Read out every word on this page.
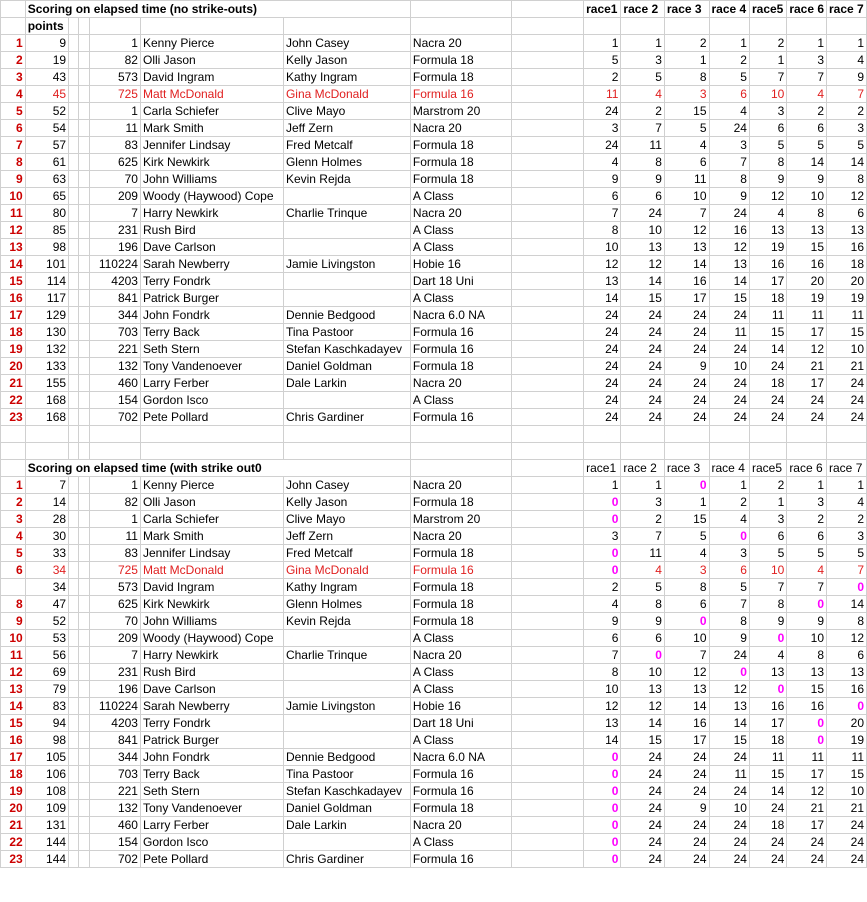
	Scoring on elapsed time (no strike-outs)								race1	race 2	race 3	race 4	race5	race 6	race 7
	points														
1	9			1	Kenny Pierce	John Casey	Nacra 20		1	1	2	1	2	1	1
2	19			82	Olli Jason	Kelly Jason	Formula 18		5	3	1	2	1	3	4
3	43			573	David Ingram	Kathy Ingram	Formula 18		2	5	8	5	7	7	9
4	45			725	Matt McDonald	Gina McDonald	Formula 16		11	4	3	6	10	4	7
5	52			1	Carla Schiefer	Clive Mayo	Marstrom 20		24	2	15	4	3	2	2
6	54			11	Mark Smith	Jeff Zern	Nacra 20		3	7	5	24	6	6	3
7	57			83	Jennifer Lindsay	Fred Metcalf	Formula 18		24	11	4	3	5	5	5
8	61			625	Kirk Newkirk	Glenn Holmes	Formula 18		4	8	6	7	8	14	14
9	63			70	John Williams	Kevin Rejda	Formula 18		9	9	11	8	9	9	8
10	65			209	Woody (Haywood) Cope		A Class		6	6	10	9	12	10	12
11	80			7	Harry Newkirk	Charlie Trinque	Nacra 20		7	24	7	24	4	8	6
12	85			231	Rush Bird		A Class		8	10	12	16	13	13	13
13	98			196	Dave Carlson		A Class		10	13	13	12	19	15	16
14	101			110224	Sarah Newberry	Jamie Livingston	Hobie 16		12	12	14	13	16	16	18
15	114			4203	Terry Fondrk		Dart 18 Uni		13	14	16	14	17	20	20
16	117			841	Patrick Burger		A Class		14	15	17	15	18	19	19
17	129			344	John Fondrk	Dennie Bedgood	Nacra 6.0 NA		24	24	24	24	11	11	11
18	130			703	Terry Back	Tina Pastoor	Formula 16		24	24	24	11	15	17	15
19	132			221	Seth Stern	Stefan Kaschkadayev	Formula 16		24	24	24	24	14	12	10
20	133			132	Tony Vandenoever	Daniel Goldman	Formula 18		24	24	9	10	24	21	21
21	155			460	Larry Ferber	Dale Larkin	Nacra 20		24	24	24	24	18	17	24
22	168			154	Gordon Isco		A Class		24	24	24	24	24	24	24
23	168			702	Pete Pollard	Chris Gardiner	Formula 16		24	24	24	24	24	24	24

	Scoring on elapsed time (with strike out0								race1	race 2	race 3	race 4	race5	race 6	race 7
1	7			1	Kenny Pierce	John Casey	Nacra 20		1	1	0	1	2	1	1
2	14			82	Olli Jason	Kelly Jason	Formula 18		0	3	1	2	1	3	4
3	28			1	Carla Schiefer	Clive Mayo	Marstrom 20		0	2	15	4	3	2	2
4	30			11	Mark Smith	Jeff Zern	Nacra 20		3	7	5	0	6	6	3
5	33			83	Jennifer Lindsay	Fred Metcalf	Formula 18		0	11	4	3	5	5	5
6	34			725	Matt McDonald	Gina McDonald	Formula 16		0	4	3	6	10	4	7
	34			573	David Ingram	Kathy Ingram	Formula 18		2	5	8	5	7	7	0
8	47			625	Kirk Newkirk	Glenn Holmes	Formula 18		4	8	6	7	8	0	14
9	52			70	John Williams	Kevin Rejda	Formula 18		9	9	0	8	9	9	8
10	53			209	Woody (Haywood) Cope		A Class		6	6	10	9	0	10	12
11	56			7	Harry Newkirk	Charlie Trinque	Nacra 20		7	0	7	24	4	8	6
12	69			231	Rush Bird		A Class		8	10	12	0	13	13	13
13	79			196	Dave Carlson		A Class		10	13	13	12	0	15	16
14	83			110224	Sarah Newberry	Jamie Livingston	Hobie 16		12	12	14	13	16	16	0
15	94			4203	Terry Fondrk		Dart 18 Uni		13	14	16	14	17	0	20
16	98			841	Patrick Burger		A Class		14	15	17	15	18	0	19
17	105			344	John Fondrk	Dennie Bedgood	Nacra 6.0 NA		0	24	24	24	11	11	11
18	106			703	Terry Back	Tina Pastoor	Formula 16		0	24	24	11	15	17	15
19	108			221	Seth Stern	Stefan Kaschkadayev	Formula 16		0	24	24	24	14	12	10
20	109			132	Tony Vandenoever	Daniel Goldman	Formula 18		0	24	9	10	24	21	21
21	131			460	Larry Ferber	Dale Larkin	Nacra 20		0	24	24	24	18	17	24
22	144			154	Gordon Isco		A Class		0	24	24	24	24	24	24
23	144			702	Pete Pollard	Chris Gardiner	Formula 16		0	24	24	24	24	24	24
